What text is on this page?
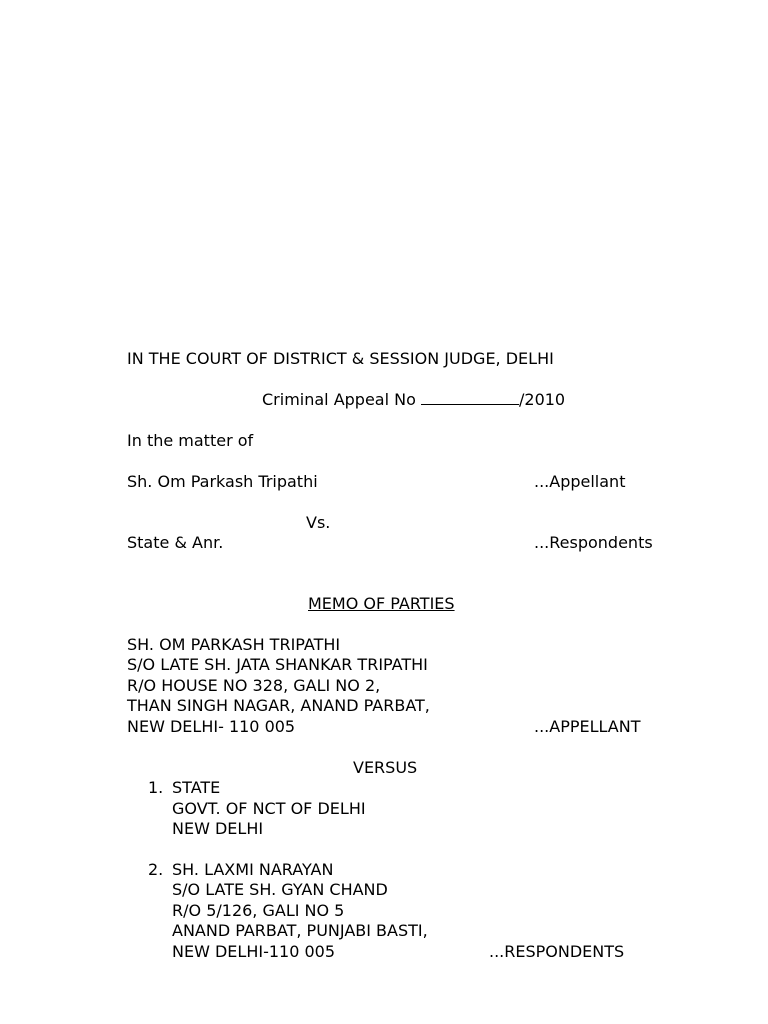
IN THE COURT OF DISTRICT & SESSION JUDGE, DELHI
Criminal Appeal No	/2010
In the matter of
Sh. Om Parkash Tripathi	...Appellant
Vs.
State & Anr.	...Respondents
MEMO OF PARTIES
SH. OM PARKASH TRIPATHI
S/O LATE SH. JATA SHANKAR TRIPATHI
R/O HOUSE NO 328, GALI NO 2,
THAN SINGH NAGAR, ANAND PARBAT,
NEW DELHI- 110 005	...APPELLANT
VERSUS
1. STATE
GOVT. OF NCT OF DELHI
NEW DELHI
2. SH. LAXMI NARAYAN
S/O LATE SH. GYAN CHAND
R/O 5/126, GALI NO 5
ANAND PARBAT, PUNJABI BASTI,
NEW DELHI-110 005	...RESPONDENTS
